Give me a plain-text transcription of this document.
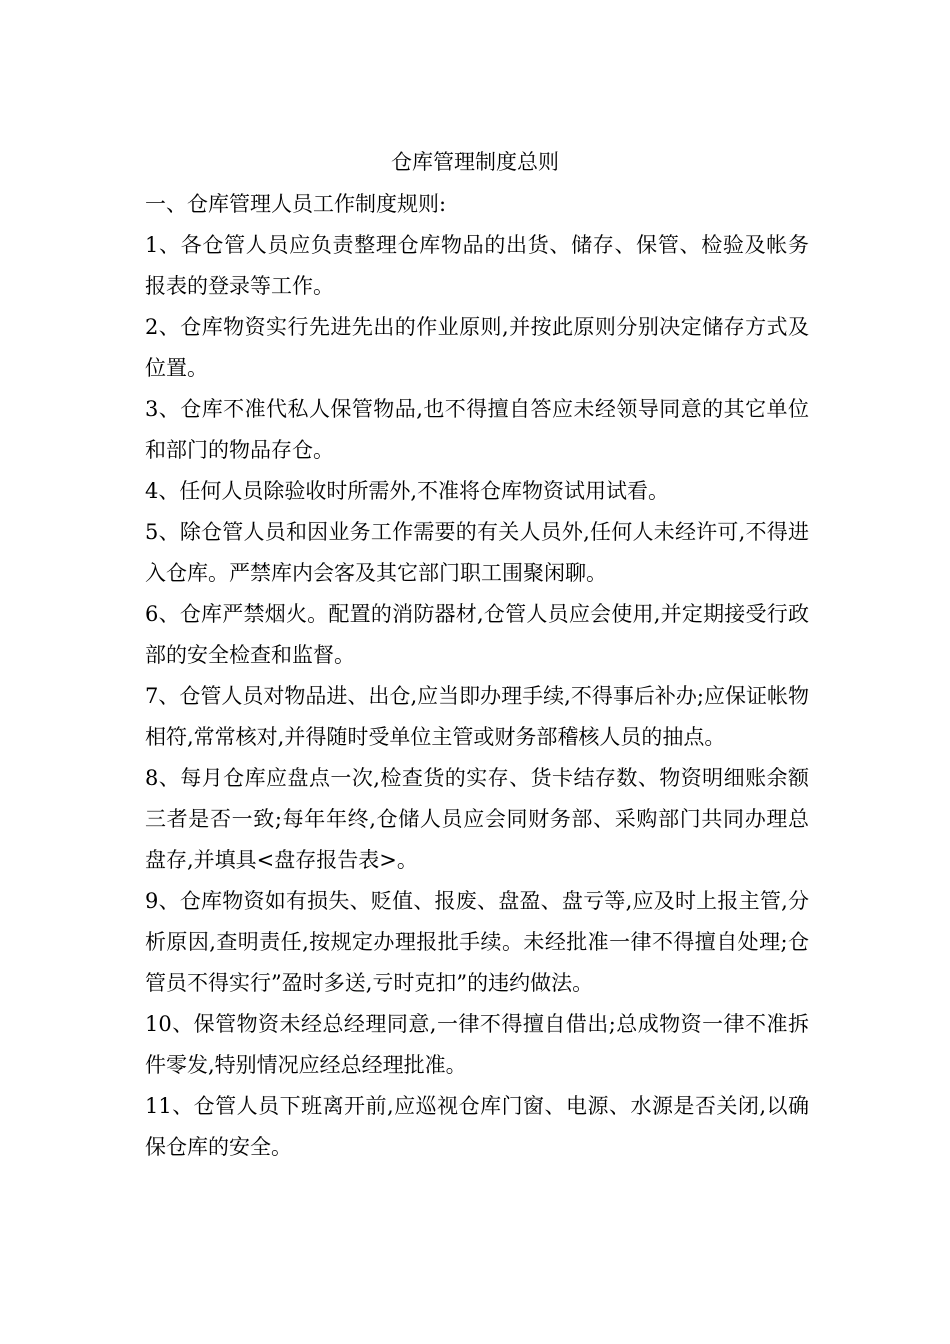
仓库管理制度总则

一、仓库管理人员工作制度规则:

1、各仓管人员应负责整理仓库物品的出货、储存、保管、检验及帐务报表的登录等工作。

2、仓库物资实行先进先出的作业原则,并按此原则分别决定储存方式及位置。

3、仓库不准代私人保管物品,也不得擅自答应未经领导同意的其它单位和部门的物品存仓。

4、任何人员除验收时所需外,不准将仓库物资试用试看。

5、除仓管人员和因业务工作需要的有关人员外,任何人未经许可,不得进入仓库。严禁库内会客及其它部门职工围聚闲聊。

6、仓库严禁烟火。配置的消防器材,仓管人员应会使用,并定期接受行政部的安全检查和监督。

7、仓管人员对物品进、出仓,应当即办理手续,不得事后补办;应保证帐物相符,常常核对,并得随时受单位主管或财务部稽核人员的抽点。

8、每月仓库应盘点一次,检查货的实存、货卡结存数、物资明细账余额三者是否一致;每年年终,仓储人员应会同财务部、采购部门共同办理总盘存,并填具<盘存报告表>。

9、仓库物资如有损失、贬值、报废、盘盈、盘亏等,应及时上报主管,分析原因,查明责任,按规定办理报批手续。未经批准一律不得擅自处理;仓管员不得实行”盈时多送,亏时克扣”的违约做法。

10、保管物资未经总经理同意,一律不得擅自借出;总成物资一律不准拆件零发,特别情况应经总经理批准。

11、仓管人员下班离开前,应巡视仓库门窗、电源、水源是否关闭,以确保仓库的安全。
